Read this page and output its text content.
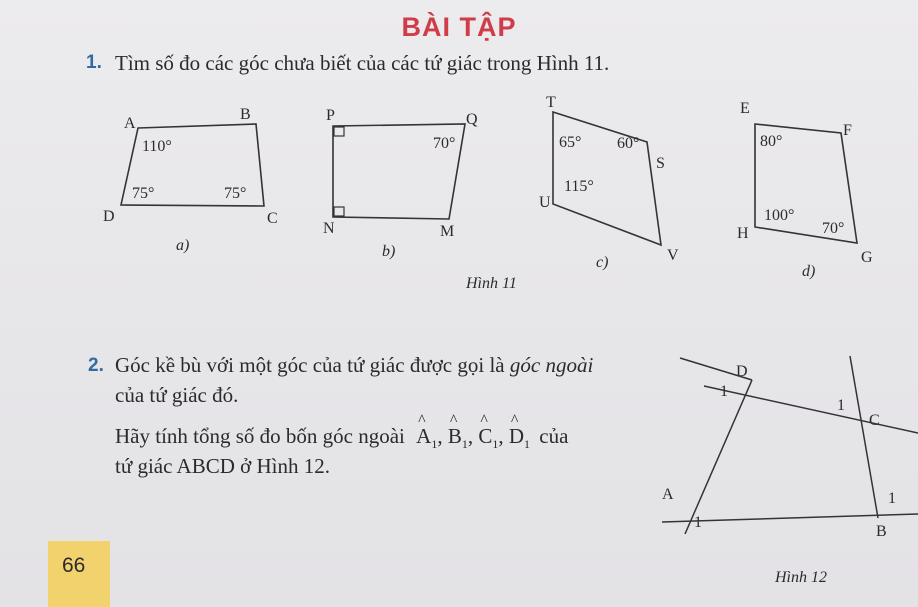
BÀI TẬP
1. Tìm số đo các góc chưa biết của các tứ giác trong Hình 11.
A
B
C
D
110°
75°	75°
a)
P	Q
M
N
70°
b)
T
S
V
U
65° 60°
115°
c)
Hình 11
E
F
G
H
80°
100°
70°
d)
D
C
A
B
1
1
1
1
Hình 12
2. Góc kề bù với một góc của tứ giác được gọi là góc ngoài
của tứ giác đó.
Hãy tính tổng số đo bốn góc ngoài
^
$A_1$,
^
$B_1$,
^
$C_1$,
^
$D_1$ của
tứ giác ABCD ở Hình 12.
66
